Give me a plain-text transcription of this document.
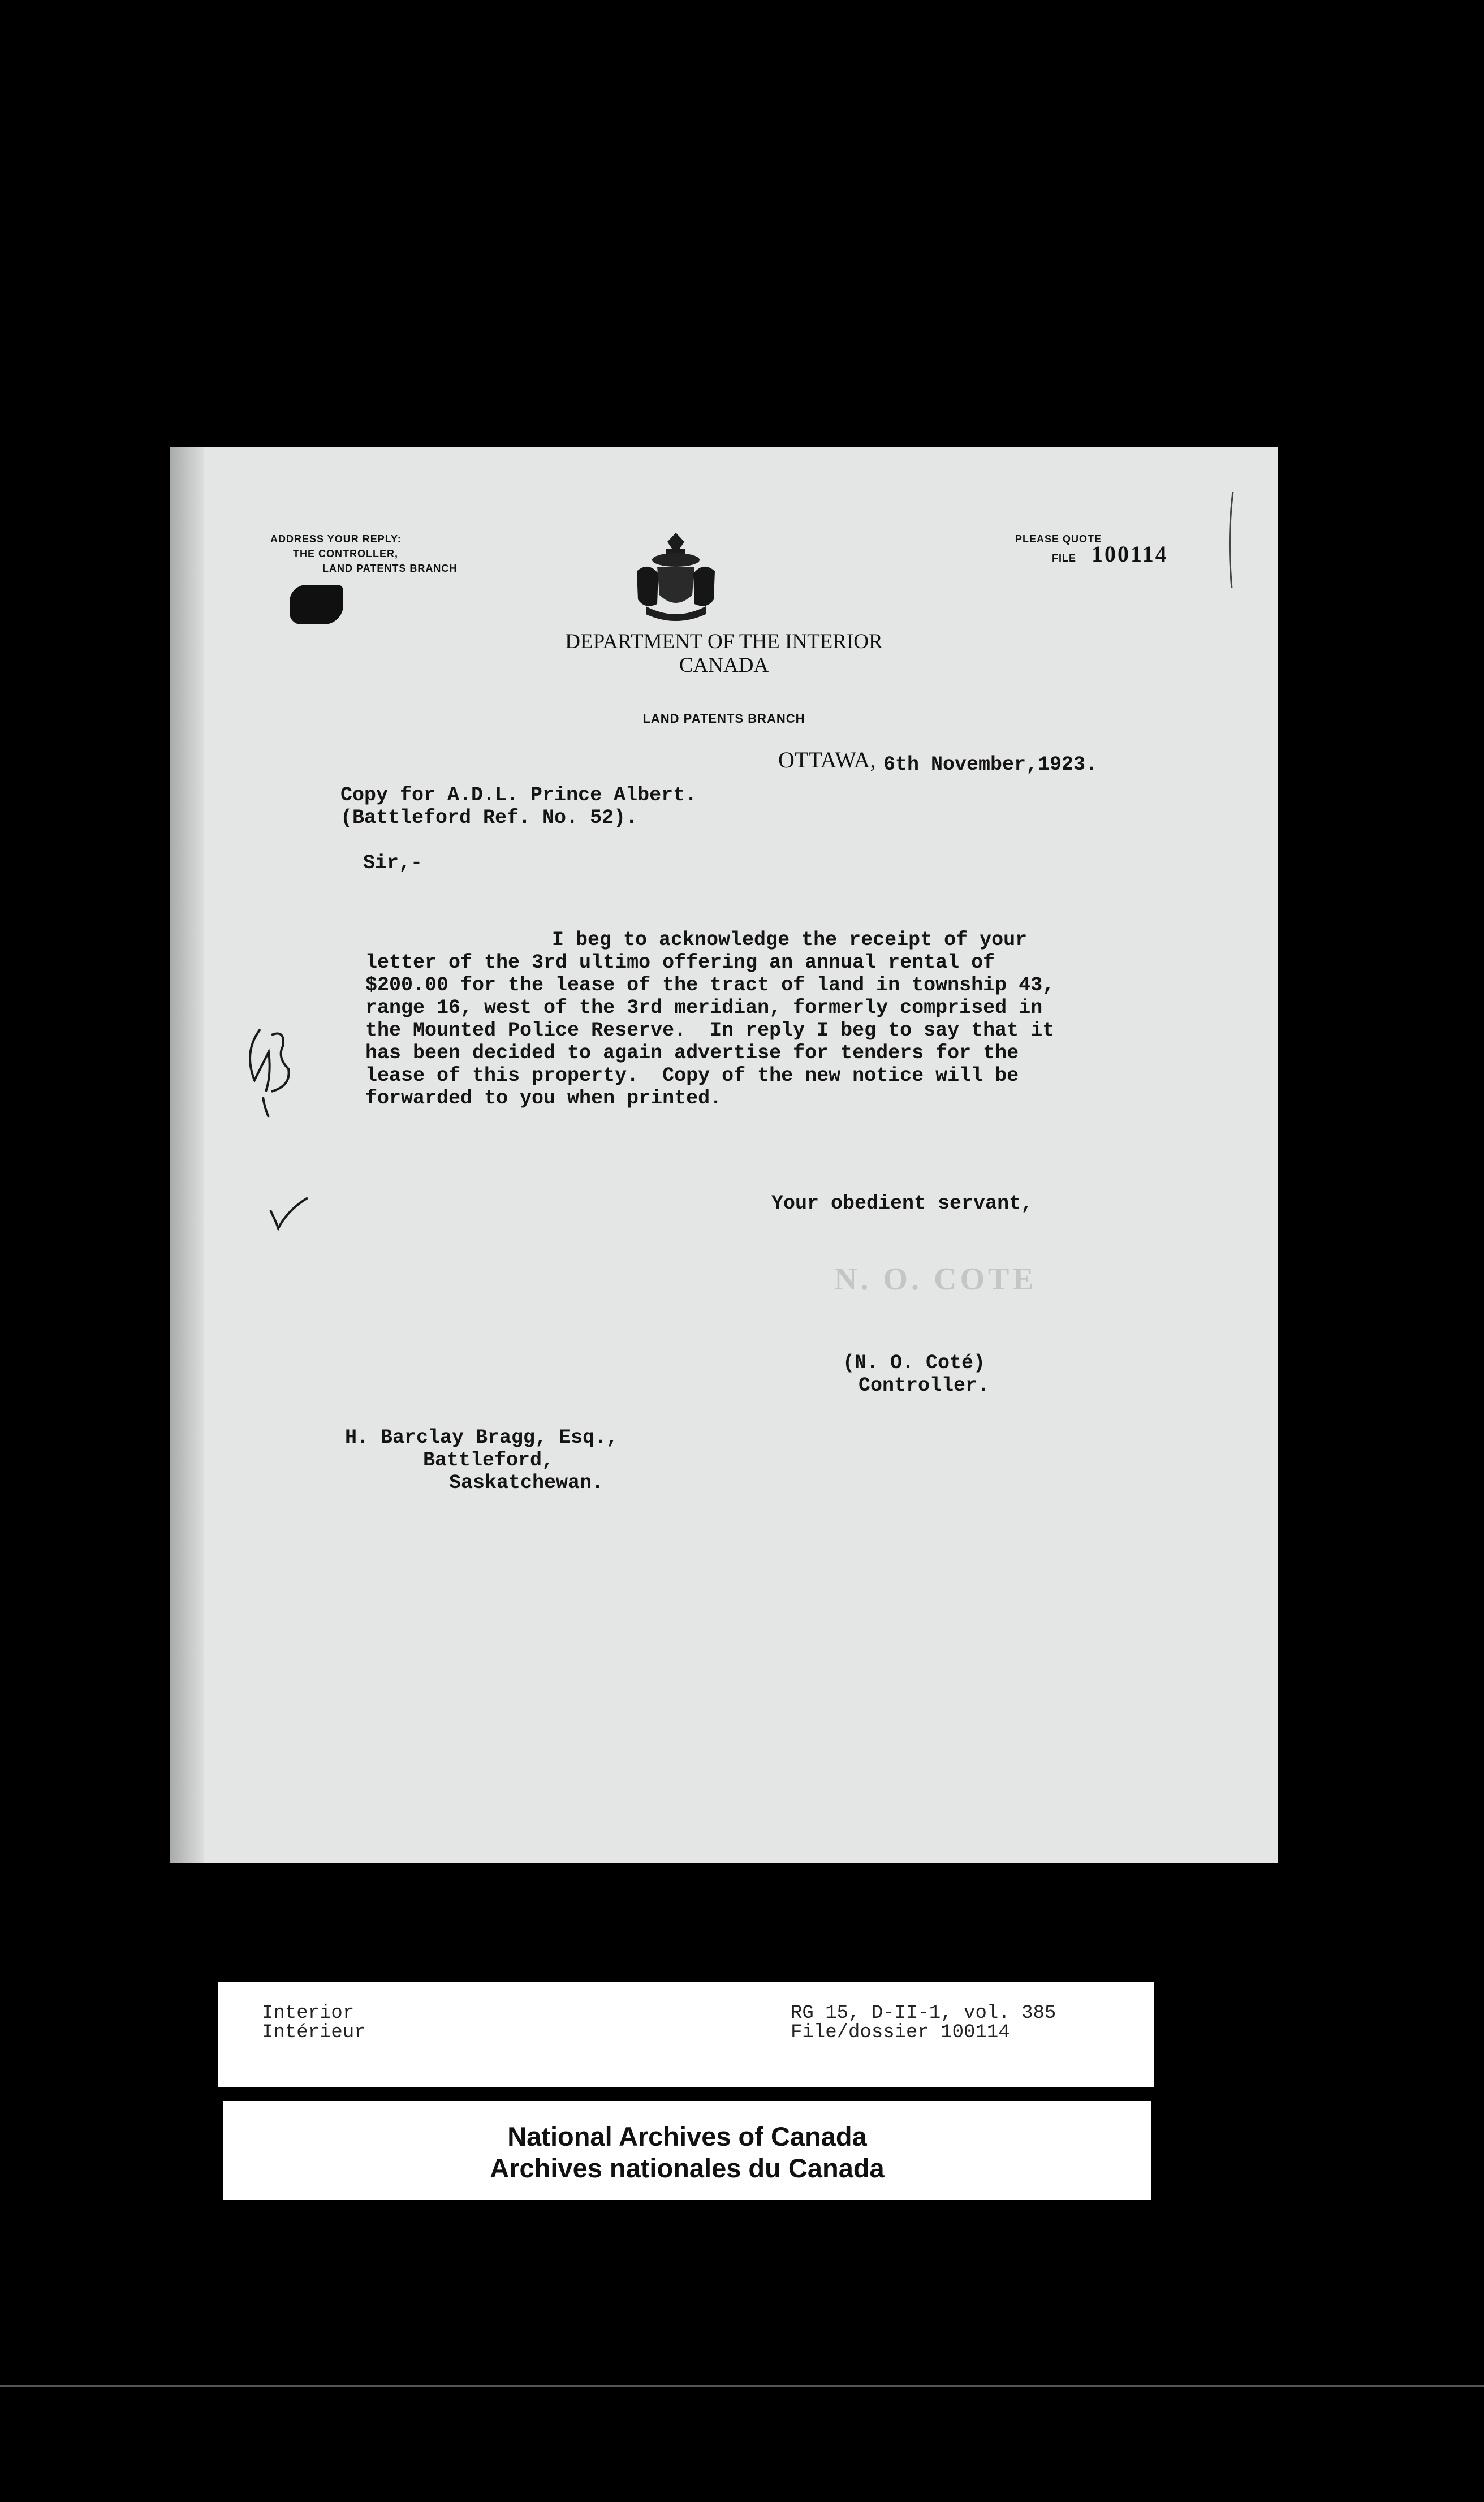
ADDRESS YOUR REPLY:
THE CONTROLLER,
LAND PATENTS BRANCH
PLEASE QUOTE
FILE 100114
DEPARTMENT OF THE INTERIOR
CANADA
LAND PATENTS BRANCH
OTTAWA, 6th November,1923.
Copy for A.D.L. Prince Albert.
(Battleford Ref. No. 52).
Sir,-
I beg to acknowledge the receipt of your
letter of the 3rd ultimo offering an annual rental of
$200.00 for the lease of the tract of land in township 43,
range 16, west of the 3rd meridian, formerly comprised in
the Mounted Police Reserve.  In reply I beg to say that it
has been decided to again advertise for tenders for the
lease of this property.  Copy of the new notice will be
forwarded to you when printed.
Your obedient servant,
N. O. COTE
(N. O. Coté)
Controller.
H. Barclay Bragg, Esq.,
Battleford,
Saskatchewan.
Interior
Intérieur
RG 15, D-II-1, vol. 385
File/dossier 100114
National Archives of Canada
Archives nationales du Canada
